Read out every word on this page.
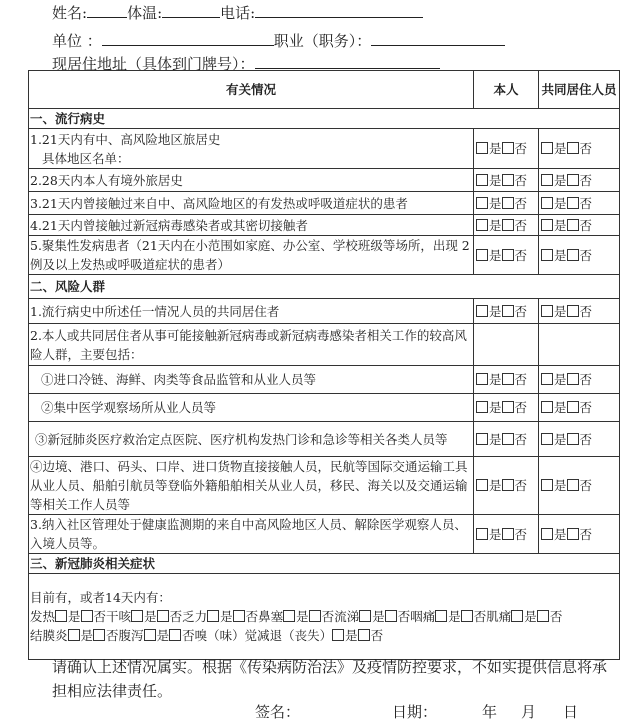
姓名:	体温:	电话:
单位 ：	职业（职务）：
现居住地址（具体到门牌号）：
有关情况	本人	共同居住人员
一、流行病史		

1.21天内有中、高风险地区旅居史
具体地区名单：	是 否	是 否
2.28天内本人有境外旅居史	是 否	是 否
3.21天内曾接触过来自中、高风险地区的有发热或呼吸道症状的患者	是 否	是 否
4.21天内曾接触过新冠病毒感染者或其密切接触者	是 否	是 否
5.聚集性发病患者（21天内在小范围如家庭、办公室、学校班级等场所，出现 2 例及以上发热或呼吸道症状的患者）	是 否	是 否
二、风险人群		
1.流行病史中所述任一情况人员的共同居住者	是 否	是 否
2.本人或共同居住者从事可能接触新冠病毒或新冠病毒感染者相关工作的较高风险人群，主要包括：		
①进口冷链、海鲜、肉类等食品监管和从业人员等	是 否	是 否
②集中医学观察场所从业人员等	是 否	是 否
③新冠肺炎医疗救治定点医院、医疗机构发热门诊和急诊等相关各类人员等	是 否	是 否
④边境、港口、码头、口岸、进口货物直接接触人员，民航等国际交通运输工具从业人员、船舶引航员等登临外籍船舶相关从业人员，移民、海关以及交通运输等相关工作人员等	是 否	是 否
3.纳入社区管理处于健康监测期的来自中高风险地区人员、解除医学观察人员、入境人员等。	是 否	是 否
三、新冠肺炎相关症状		

目前有，或者14天内有：
发热 是 否干咳 是 否乏力 是 否鼻塞 是 否流涕 是 否咽痛 是 否肌痛 是 否
结膜炎 是 否腹泻 是 否嗅（味）觉减退（丧失） 是 否		
请确认上述情况属实。根据《传染病防治法》及疫情防控要求，不如实提供信息将承担相应法律责任。
签名：	日期：	年 月 日
